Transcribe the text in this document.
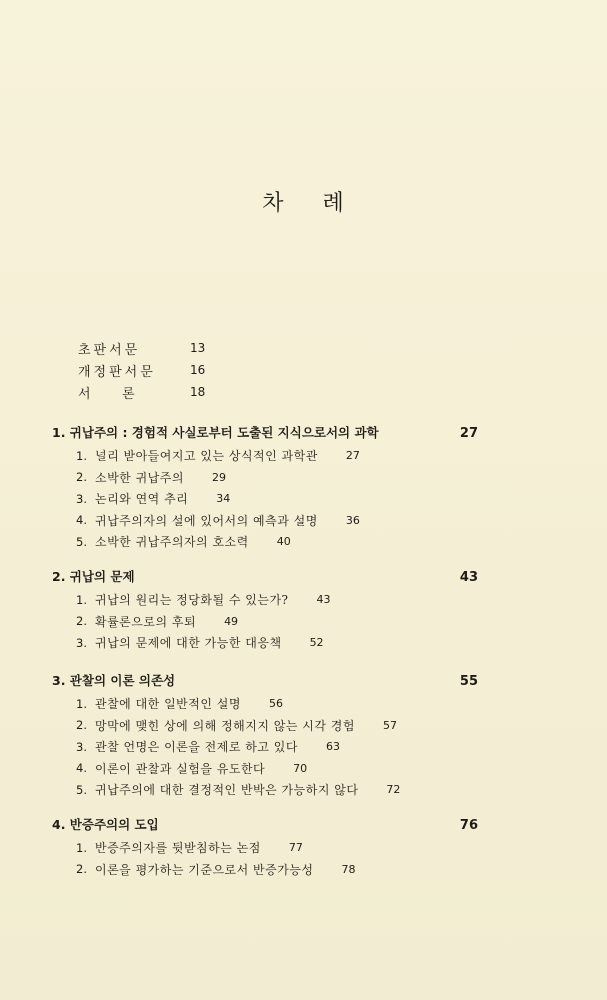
차 례
초판서문	13
개정판서문	16
서    론	18
1. 귀납주의 : 경험적 사실로부터 도출된 지식으로서의 과학	27
1. 널리 받아들여지고 있는 상식적인 과학관	27
2. 소박한 귀납주의	29
3. 논리와 연역 추리	34
4. 귀납주의자의 설에 있어서의 예측과 설명	36
5. 소박한 귀납주의자의 호소력	40
2. 귀납의 문제	43
1. 귀납의 원리는 정당화될 수 있는가?	43
2. 확률론으로의 후퇴	49
3. 귀납의 문제에 대한 가능한 대응책	52
3. 관찰의 이론 의존성	55
1. 관찰에 대한 일반적인 설명	56
2. 망막에 맺힌 상에 의해 정해지지 않는 시각 경험	57
3. 관찰 언명은 이론을 전제로 하고 있다	63
4. 이론이 관찰과 실험을 유도한다	70
5. 귀납주의에 대한 결정적인 반박은 가능하지 않다	72
4. 반증주의의 도입	76
1. 반증주의자를 뒷받침하는 논점	77
2. 이론을 평가하는 기준으로서 반증가능성	78
